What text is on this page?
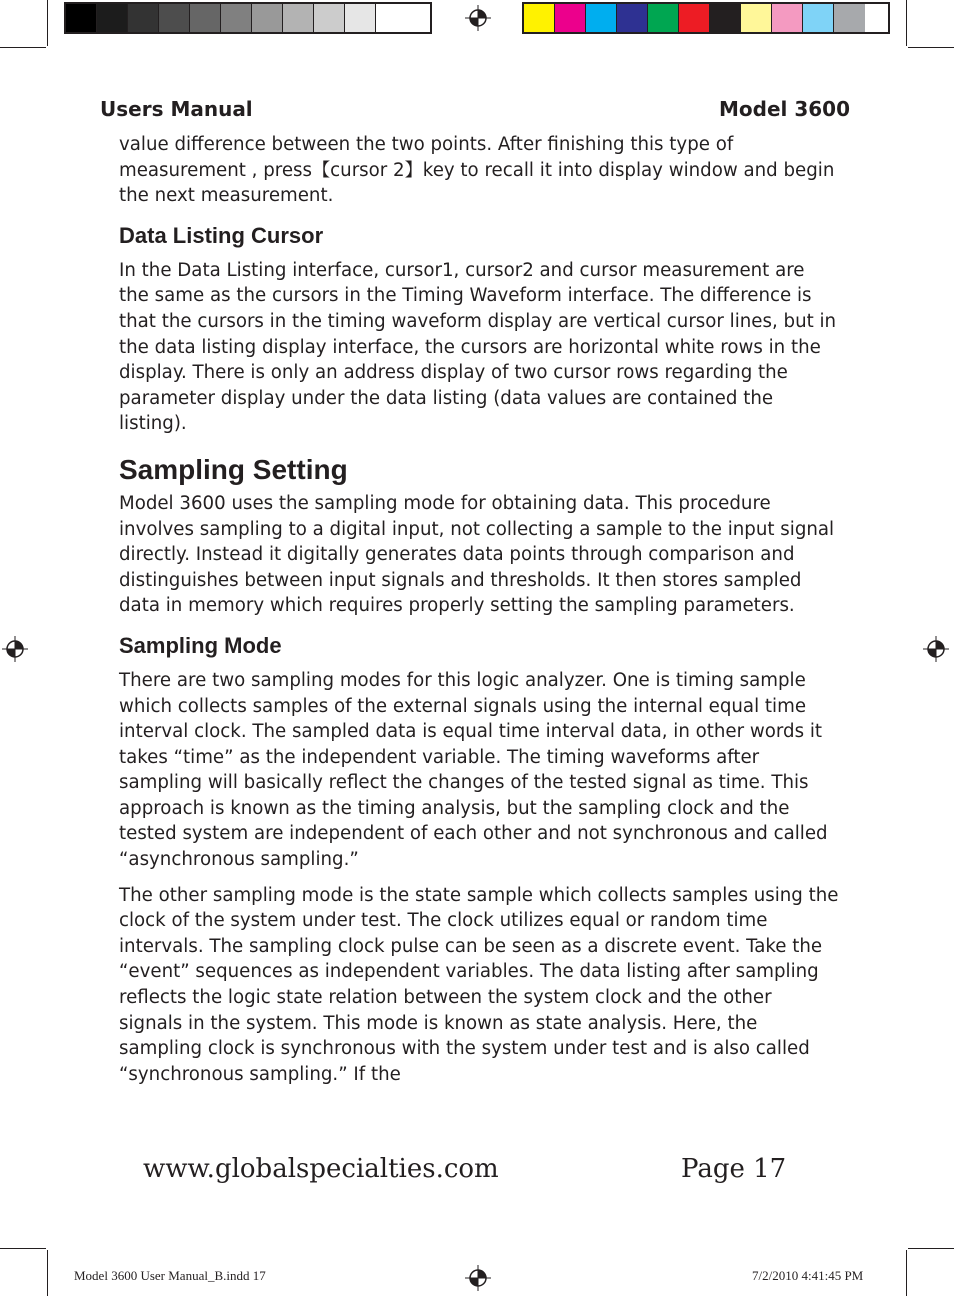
Users Manual	Model 3600

value difference between the two points. After finishing this type of measurement , press【cursor 2】key to recall it into display window and begin the next measurement.

Data Listing Cursor

In the Data Listing interface, cursor1, cursor2 and cursor measurement are the same as the cursors in the Timing Waveform interface. The difference is that the cursors in the timing waveform display are vertical cursor lines, but in the data listing display interface, the cursors are horizontal white rows in the display. There is only an address display of two cursor rows regarding the parameter display under the data listing (data values are contained the listing).

Sampling Setting

Model 3600 uses the sampling mode for obtaining data. This procedure involves sampling to a digital input, not collecting a sample to the input signal directly. Instead it digitally generates data points through comparison and distinguishes between input signals and thresholds. It then stores sampled data in memory which requires properly setting the sampling parameters.

Sampling Mode

There are two sampling modes for this logic analyzer. One is timing sample which collects samples of the external signals using the internal equal time interval clock. The sampled data is equal time interval data, in other words it takes “time” as the independent variable. The timing waveforms after sampling will basically reflect the changes of the tested signal as time. This approach is known as the timing analysis, but the sampling clock and the tested system are independent of each other and not synchronous and called “asynchronous sampling.”

The other sampling mode is the state sample which collects samples using the clock of the system under test. The clock utilizes equal or random time intervals. The sampling clock pulse can be seen as a discrete event. Take the “event” sequences as independent variables. The data listing after sampling reflects the logic state relation between the system clock and the other signals in the system. This mode is known as state analysis. Here, the sampling clock is synchronous with the system under test and is also called “synchronous sampling.” If the

www.globalspecialties.com	Page 17
Model 3600 User Manual_B.indd 17	7/2/2010 4:41:45 PM
